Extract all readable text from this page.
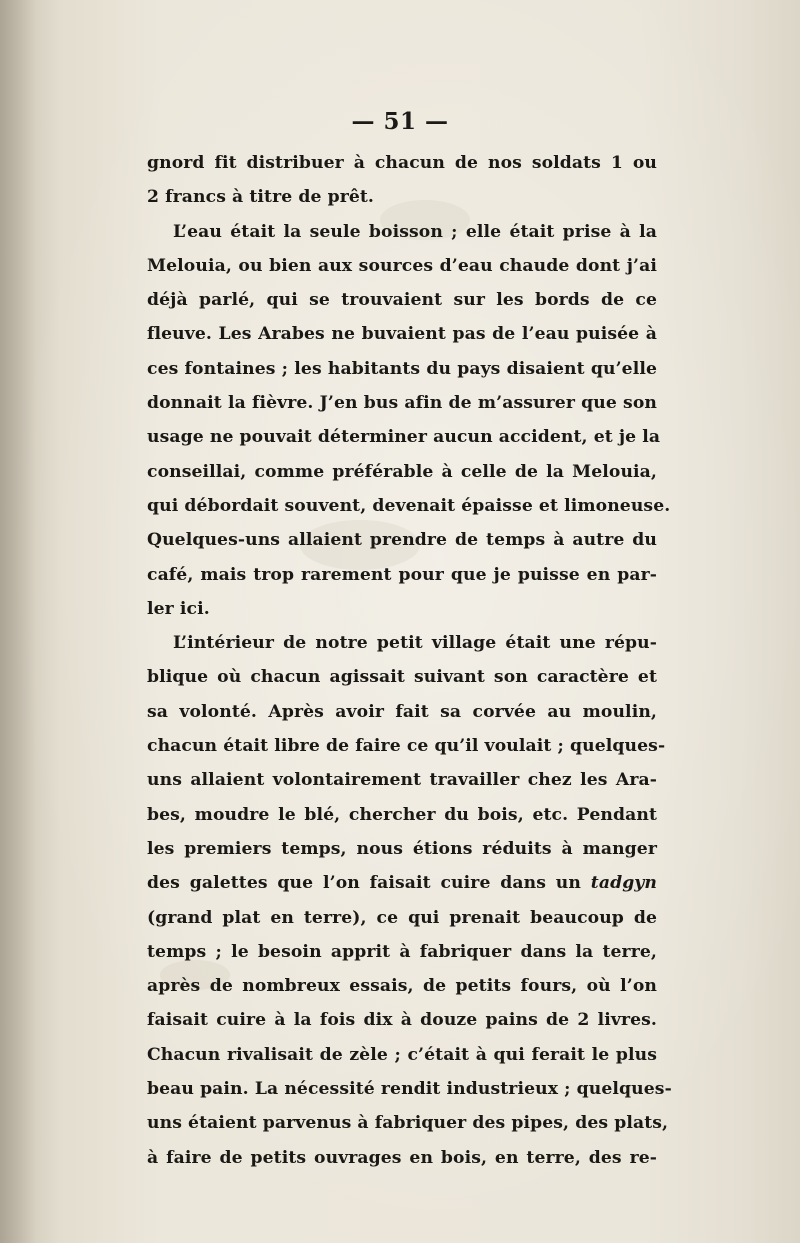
— 51 —
gnord fit distribuer à chacun de nos soldats 1 ou
2 francs à titre de prêt.
L’eau était la seule boisson ; elle était prise à la
Melouia, ou bien aux sources d’eau chaude dont j’ai
déjà parlé, qui se trouvaient sur les bords de ce
fleuve. Les Arabes ne buvaient pas de l’eau puisée à
ces fontaines ; les habitants du pays disaient qu’elle
donnait la fièvre. J’en bus afin de m’assurer que son
usage ne pouvait déterminer aucun accident, et je la
conseillai, comme préférable à celle de la Melouia,
qui débordait souvent, devenait épaisse et limoneuse.
Quelques-uns allaient prendre de temps à autre du
café, mais trop rarement pour que je puisse en par-
ler ici.
L’intérieur de notre petit village était une répu-
blique où chacun agissait suivant son caractère et
sa volonté. Après avoir fait sa corvée au moulin,
chacun était libre de faire ce qu’il voulait ; quelques-
uns allaient volontairement travailler chez les Ara-
bes, moudre le blé, chercher du bois, etc. Pendant
les premiers temps, nous étions réduits à manger
des galettes que l’on faisait cuire dans un tadgyn
(grand plat en terre), ce qui prenait beaucoup de
temps ; le besoin apprit à fabriquer dans la terre,
après de nombreux essais, de petits fours, où l’on
faisait cuire à la fois dix à douze pains de 2 livres.
Chacun rivalisait de zèle ; c’était à qui ferait le plus
beau pain. La nécessité rendit industrieux ; quelques-
uns étaient parvenus à fabriquer des pipes, des plats,
à faire de petits ouvrages en bois, en terre, des re-
